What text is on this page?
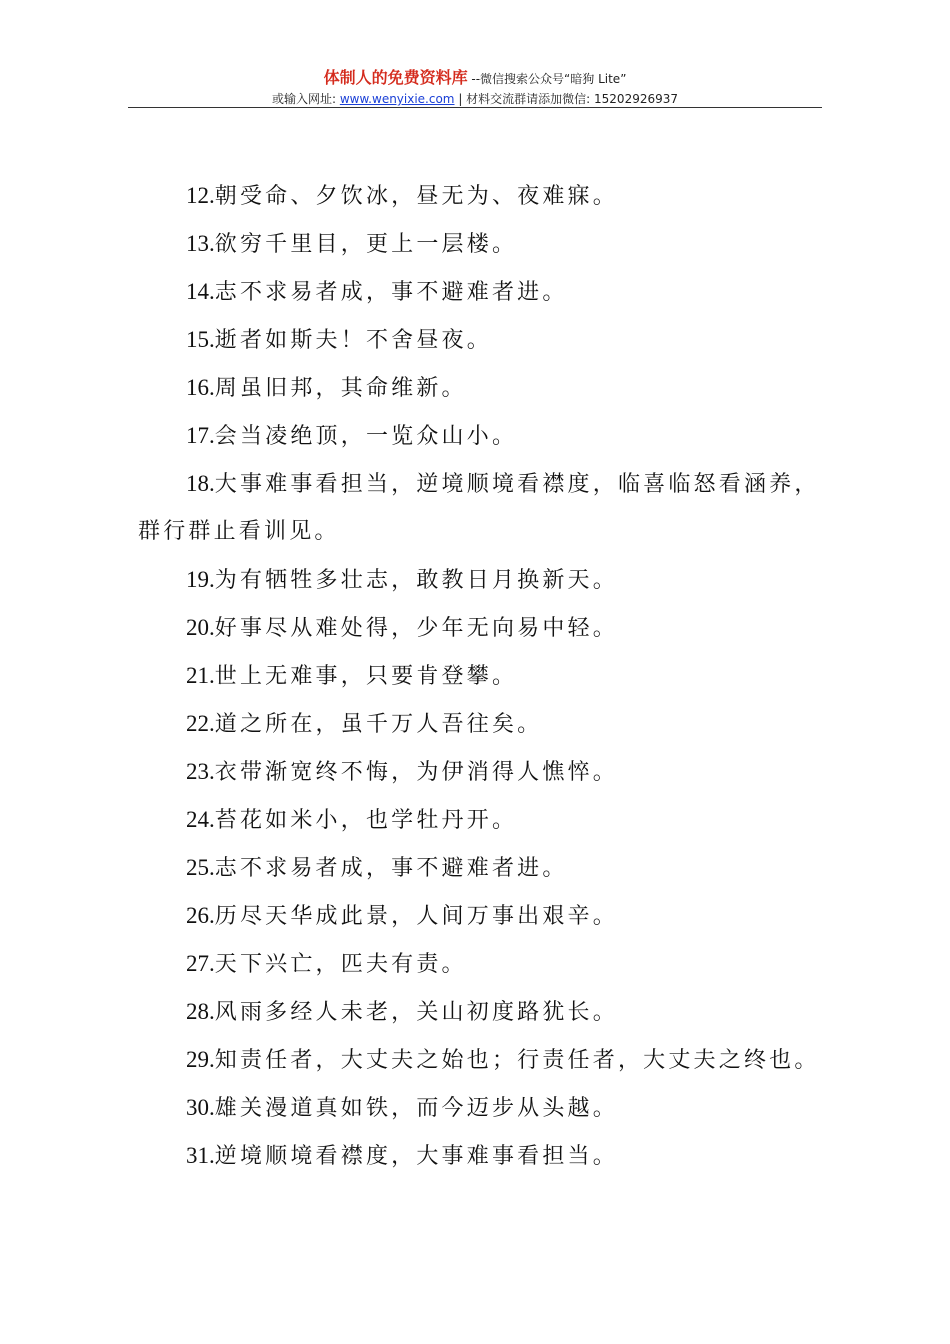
体制人的免费资料库 --微信搜索公众号“暗狗 Lite”
或输入网址: www.wenyixie.com | 材料交流群请添加微信: 15202926937
12.朝受命、夕饮冰，昼无为、夜难寐。
13.欲穷千里目，更上一层楼。
14.志不求易者成，事不避难者进。
15.逝者如斯夫！不舍昼夜。
16.周虽旧邦，其命维新。
17.会当凌绝顶，一览众山小。
18.大事难事看担当，逆境顺境看襟度，临喜临怒看涵养，
群行群止看训见。
19.为有牺牲多壮志，敢教日月换新天。
20.好事尽从难处得，少年无向易中轻。
21.世上无难事，只要肯登攀。
22.道之所在，虽千万人吾往矣。
23.衣带渐宽终不悔，为伊消得人憔悴。
24.苔花如米小，也学牡丹开。
25.志不求易者成，事不避难者进。
26.历尽天华成此景，人间万事出艰辛。
27.天下兴亡，匹夫有责。
28.风雨多经人未老，关山初度路犹长。
29.知责任者，大丈夫之始也；行责任者，大丈夫之终也。
30.雄关漫道真如铁，而今迈步从头越。
31.逆境顺境看襟度，大事难事看担当。
